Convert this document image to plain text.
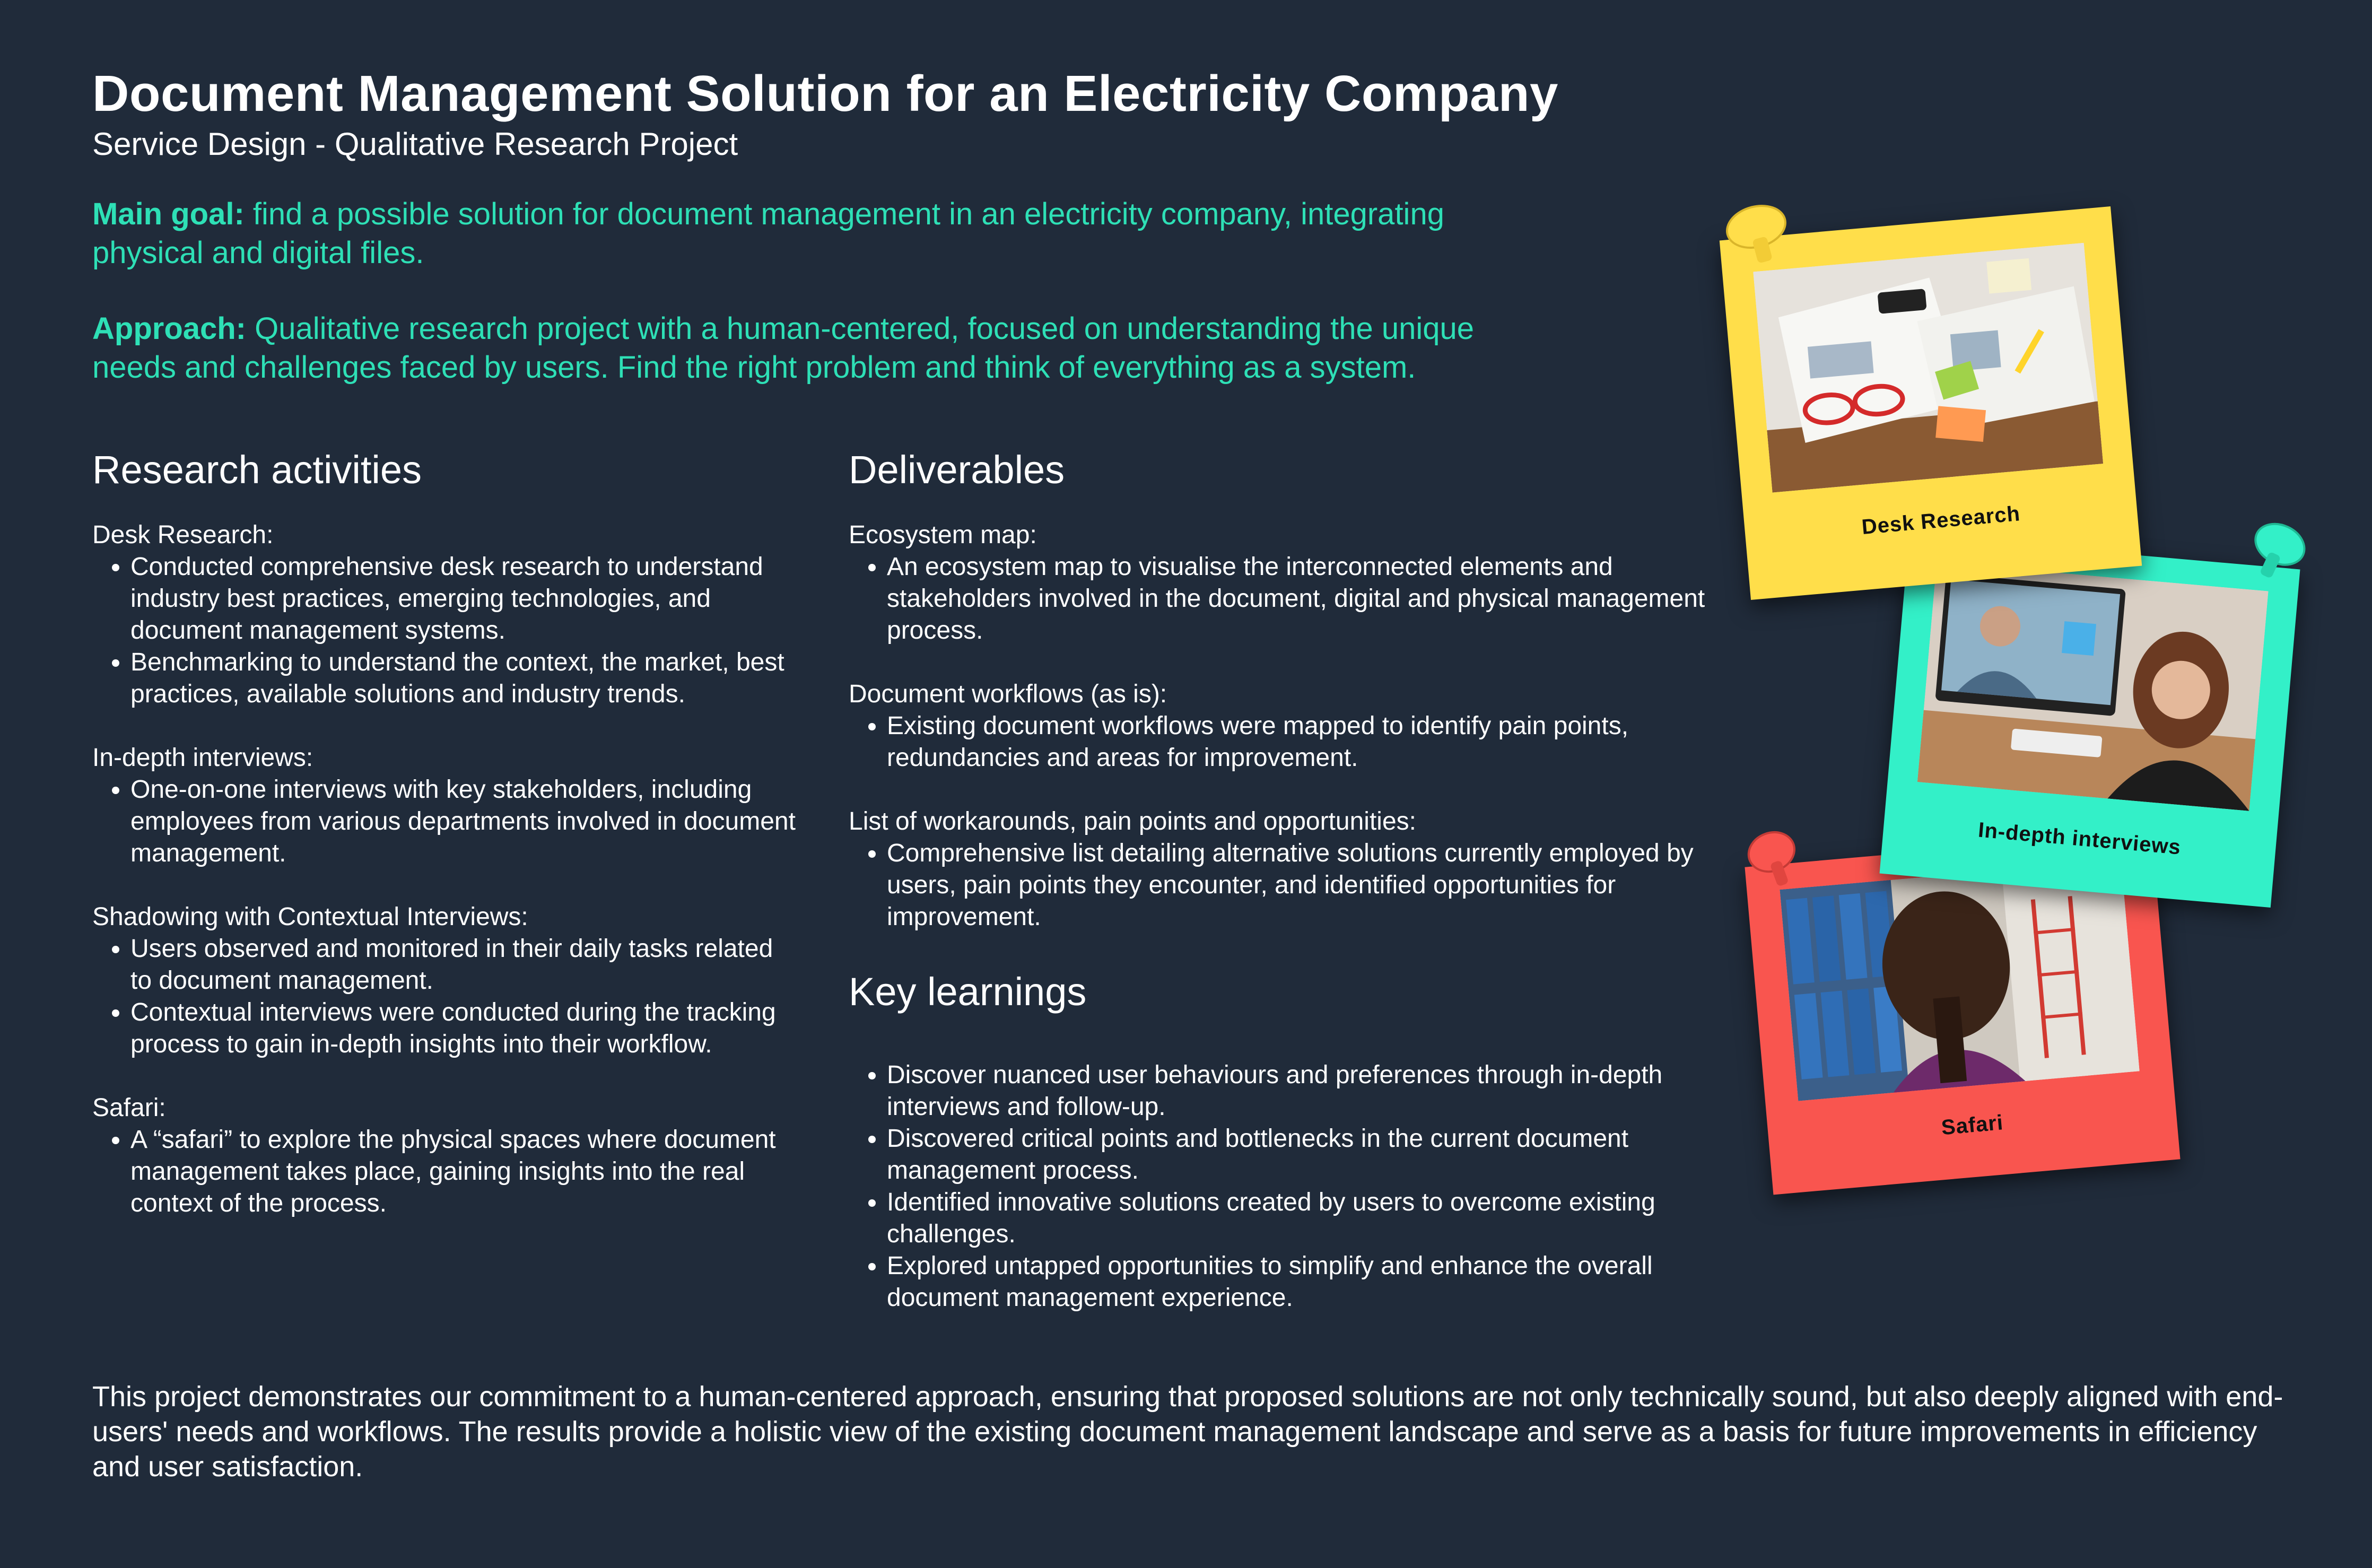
Document Management Solution for an Electricity Company
Service Design - Qualitative Research Project
Main goal: find a possible solution for document management in an electricity company, integrating physical and digital files.
Approach: Qualitative research project with a human-centered, focused on understanding the unique needs and challenges faced by users. Find the right problem and think of everything as a system.
Research activities

Desk Research:

• Conducted comprehensive desk research to understand industry best practices, emerging technologies, and document management systems.
• Benchmarking to understand the context, the market, best practices, available solutions and industry trends.

In-depth interviews:

• One-on-one interviews with key stakeholders, including employees from various departments involved in document management.

Shadowing with Contextual Interviews:

• Users observed and monitored in their daily tasks related to document management.
• Contextual interviews were conducted during the tracking process to gain in-depth insights into their workflow.

Safari:

• A “safari” to explore the physical spaces where document management takes place, gaining insights into the real context of the process.
Deliverables

Ecosystem map:

• An ecosystem map to visualise the interconnected elements and stakeholders involved in the document, digital and physical management process.

Document workflows (as is):

• Existing document workflows were mapped to identify pain points, redundancies and areas for improvement.

List of workarounds, pain points and opportunities:

• Comprehensive list detailing alternative solutions currently employed by users, pain points they encounter, and identified opportunities for improvement.
Key learnings
• Discover nuanced user behaviours and preferences through in-depth interviews and follow-up.
• Discovered critical points and bottlenecks in the current document management process.
• Identified innovative solutions created by users to overcome existing challenges.
• Explored untapped opportunities to simplify and enhance the overall document management experience.
Safari
In-depth interviews
Desk Research
This project demonstrates our commitment to a human-centered approach, ensuring that proposed solutions are not only technically sound, but also deeply aligned with end-users' needs and workflows. The results provide a holistic view of the existing document management landscape and serve as a basis for future improvements in efficiency and user satisfaction.
